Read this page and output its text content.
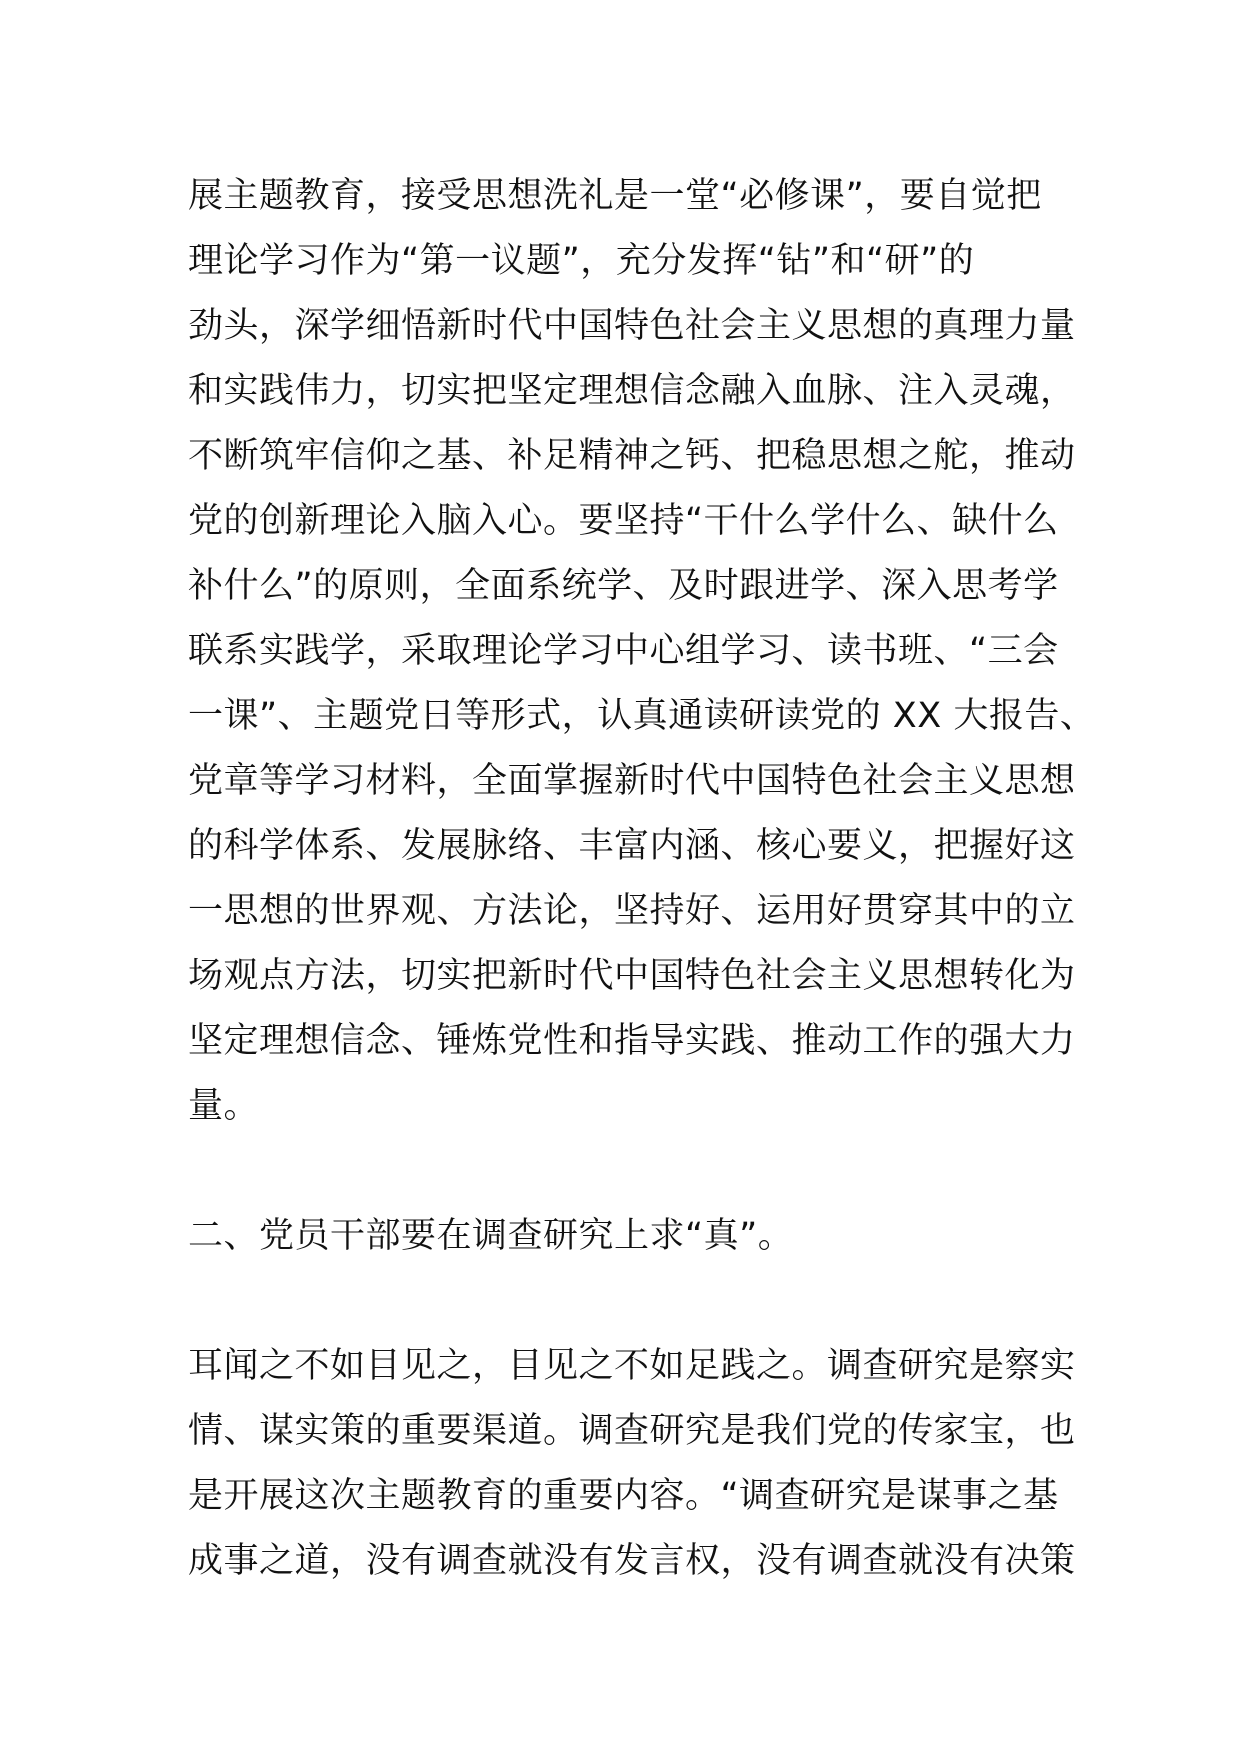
展主题教育，接受思想洗礼是一堂“必修课”，要自觉把
理论学习作为“第一议题”，充分发挥“钻”和“研”的
劲头，深学细悟新时代中国特色社会主义思想的真理力量
和实践伟力，切实把坚定理想信念融入血脉、注入灵魂，
不断筑牢信仰之基、补足精神之钙、把稳思想之舵，推动
党的创新理论入脑入心。要坚持“干什么学什么、缺什么
补什么”的原则，全面系统学、及时跟进学、深入思考学
联系实践学，采取理论学习中心组学习、读书班、“三会
一课”、主题党日等形式，认真通读研读党的 XX 大报告、
党章等学习材料，全面掌握新时代中国特色社会主义思想
的科学体系、发展脉络、丰富内涵、核心要义，把握好这
一思想的世界观、方法论，坚持好、运用好贯穿其中的立
场观点方法，切实把新时代中国特色社会主义思想转化为
坚定理想信念、锤炼党性和指导实践、推动工作的强大力
量。
二、党员干部要在调查研究上求“真”。
耳闻之不如目见之，目见之不如足践之。调查研究是察实
情、谋实策的重要渠道。调查研究是我们党的传家宝，也
是开展这次主题教育的重要内容。“调查研究是谋事之基
成事之道，没有调查就没有发言权，没有调查就没有决策
